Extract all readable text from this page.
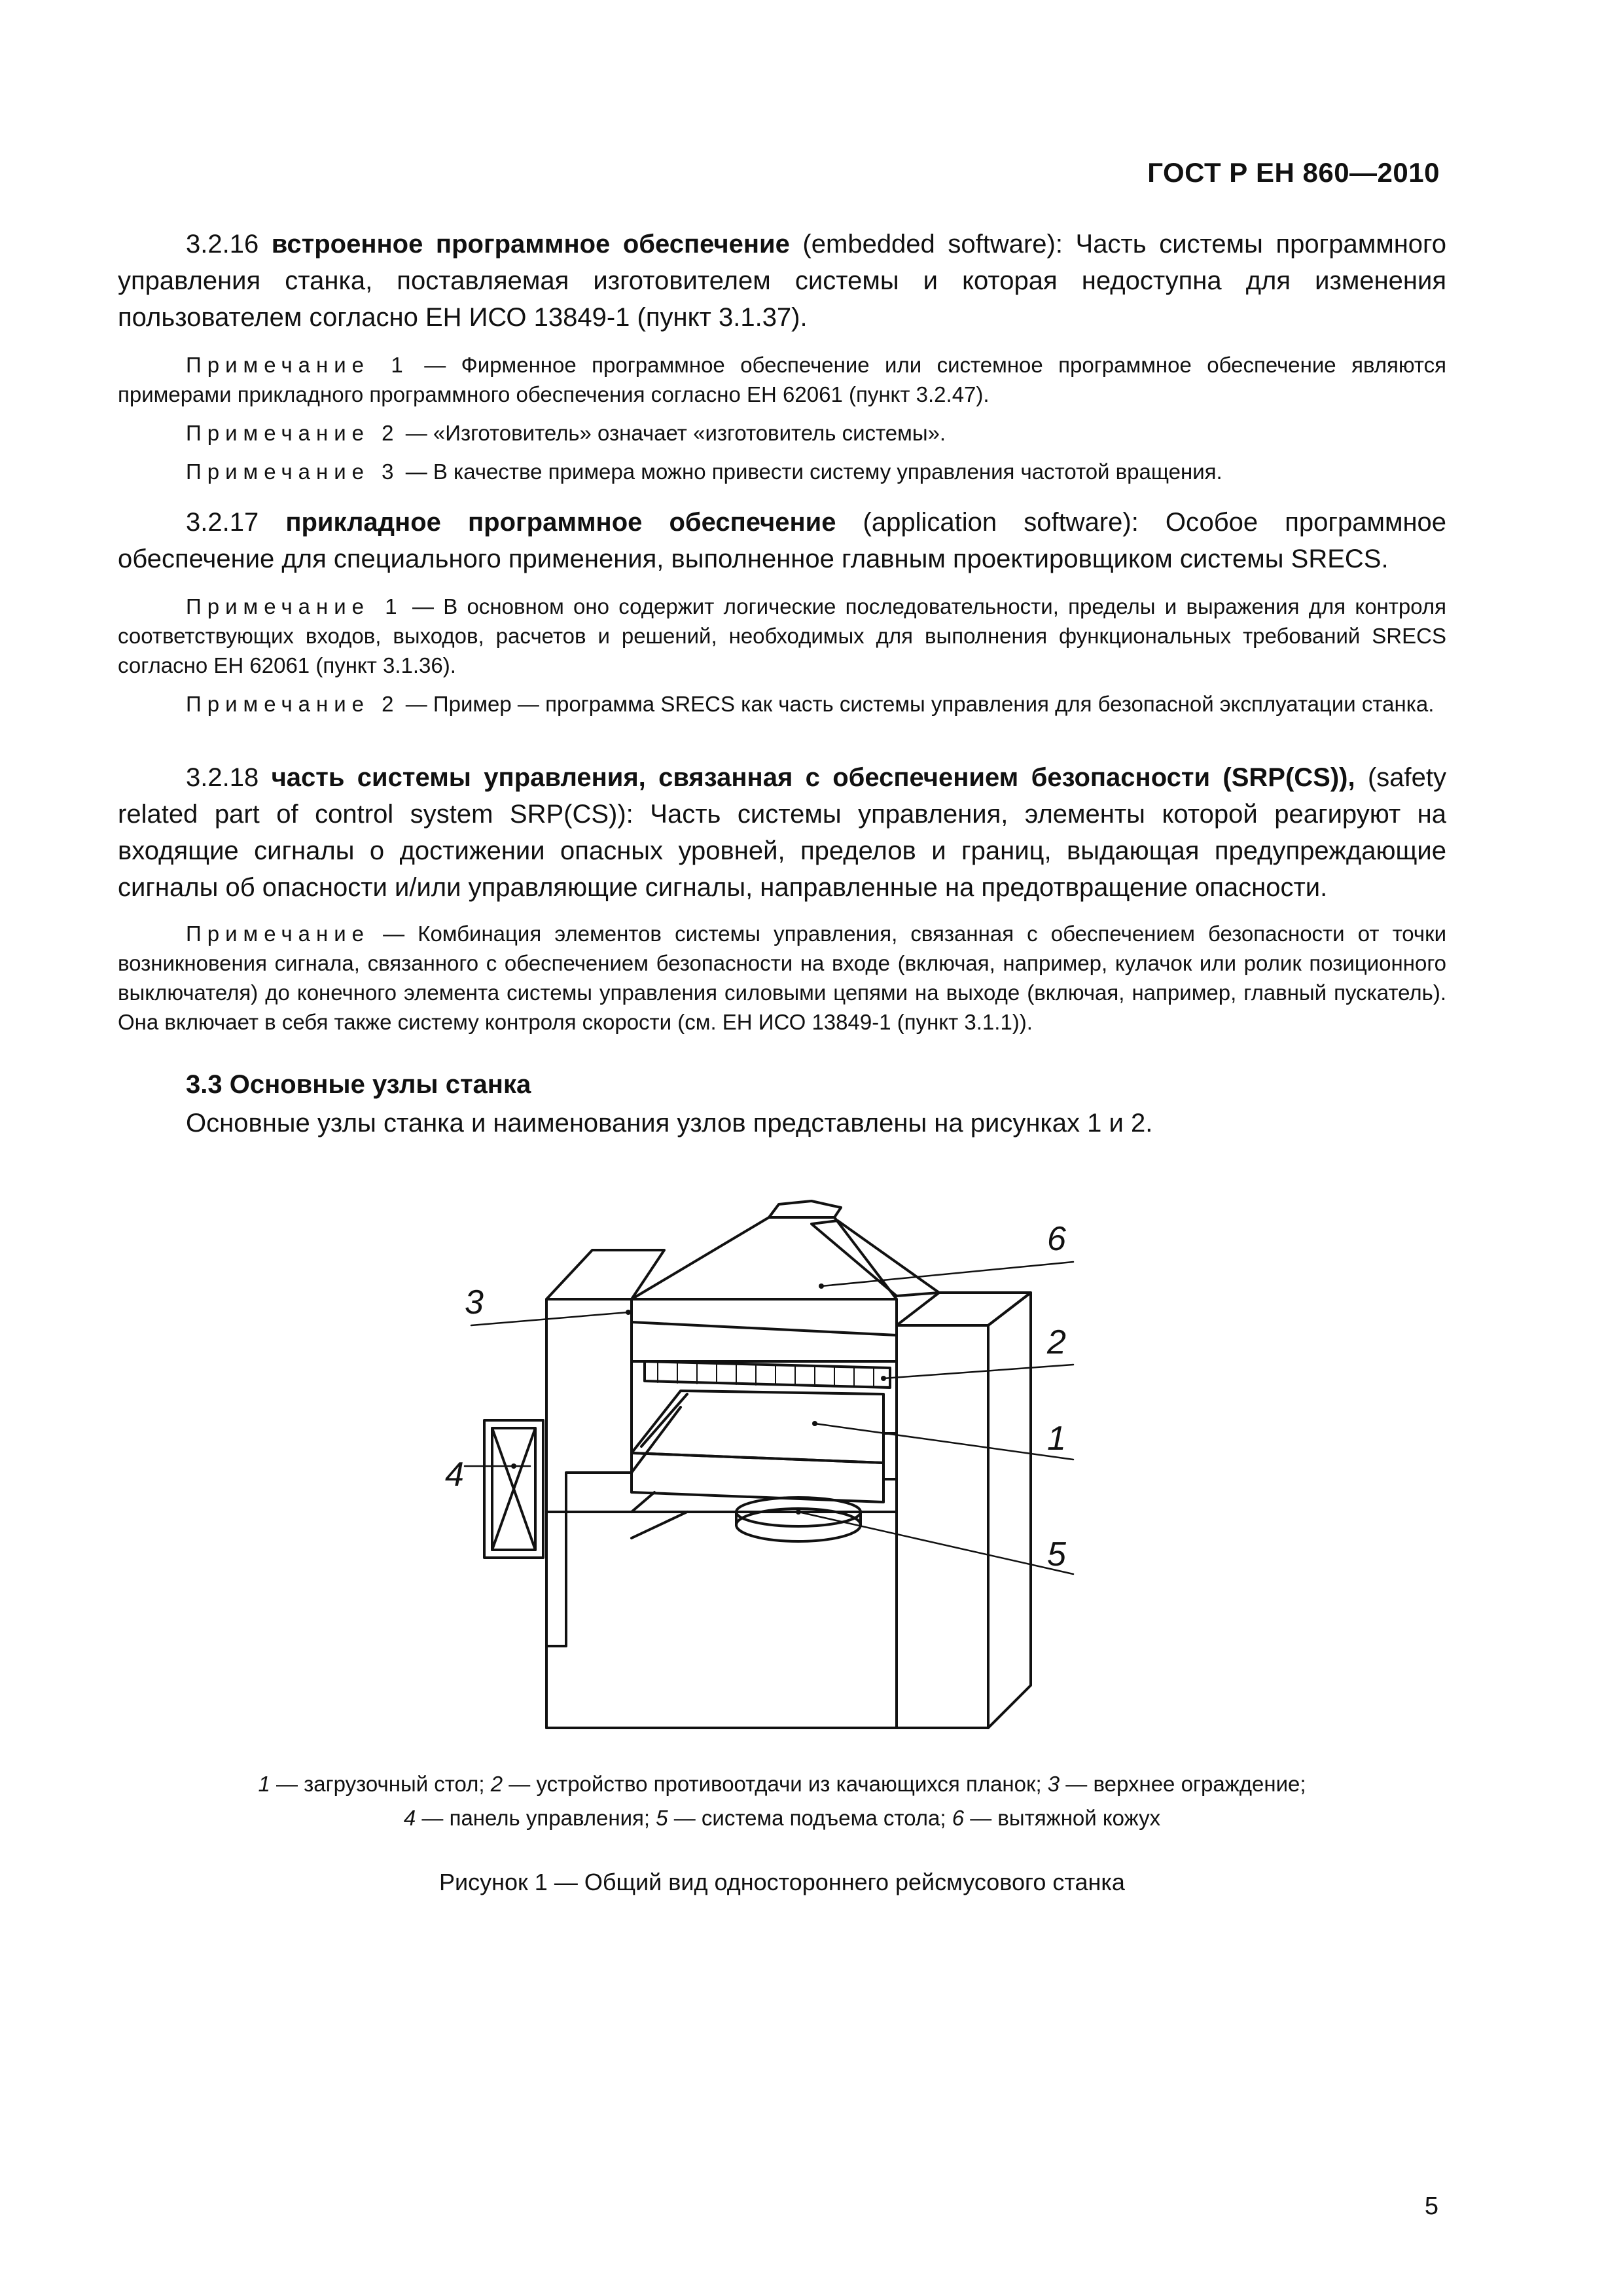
ГОСТ Р ЕН 860—2010

3.2.16 встроенное программное обеспечение (embedded software): Часть системы программного управления станка, поставляемая изготовителем системы и которая недоступна для изменения пользователем согласно ЕН ИСО 13849-1 (пункт 3.1.37).

Примечание 1 — Фирменное программное обеспечение или системное программное обеспечение являются примерами прикладного программного обеспечения согласно ЕН 62061 (пункт 3.2.47).

Примечание 2 — «Изготовитель» означает «изготовитель системы».

Примечание 3 — В качестве примера можно привести систему управления частотой вращения.

3.2.17 прикладное программное обеспечение (application software): Особое программное обеспечение для специального применения, выполненное главным проектировщиком системы SRECS.

Примечание 1 — В основном оно содержит логические последовательности, пределы и выражения для контроля соответствующих входов, выходов, расчетов и решений, необходимых для выполнения функциональных требований SRECS согласно ЕН 62061 (пункт 3.1.36).

Примечание 2 — Пример — программа SRECS как часть системы управления для безопасной эксплуатации станка.

3.2.18 часть системы управления, связанная с обеспечением безопасности (SRP(CS)), (safety related part of control system SRP(CS)): Часть системы управления, элементы которой реагируют на входящие сигналы о достижении опасных уровней, пределов и границ, выдающая предупреждающие сигналы об опасности и/или управляющие сигналы, направленные на предотвращение опасности.

Примечание — Комбинация элементов системы управления, связанная с обеспечением безопасности от точки возникновения сигнала, связанного с обеспечением безопасности на входе (включая, например, кулачок или ролик позиционного выключателя) до конечного элемента системы управления силовыми цепями на выходе (включая, например, главный пускатель). Она включает в себя также систему контроля скорости (см. ЕН ИСО 13849-1 (пункт 3.1.1)).

3.3 Основные узлы станка

Основные узлы станка и наименования узлов представлены на рисунках 1 и 2.

6
2
1
5
3
4
1 — загрузочный стол; 2 — устройство противоотдачи из качающихся планок; 3 — верхнее ограждение;
4 — панель управления; 5 — система подъема стола; 6 — вытяжной кожух
Рисунок 1 — Общий вид одностороннего рейсмусового станка
5
